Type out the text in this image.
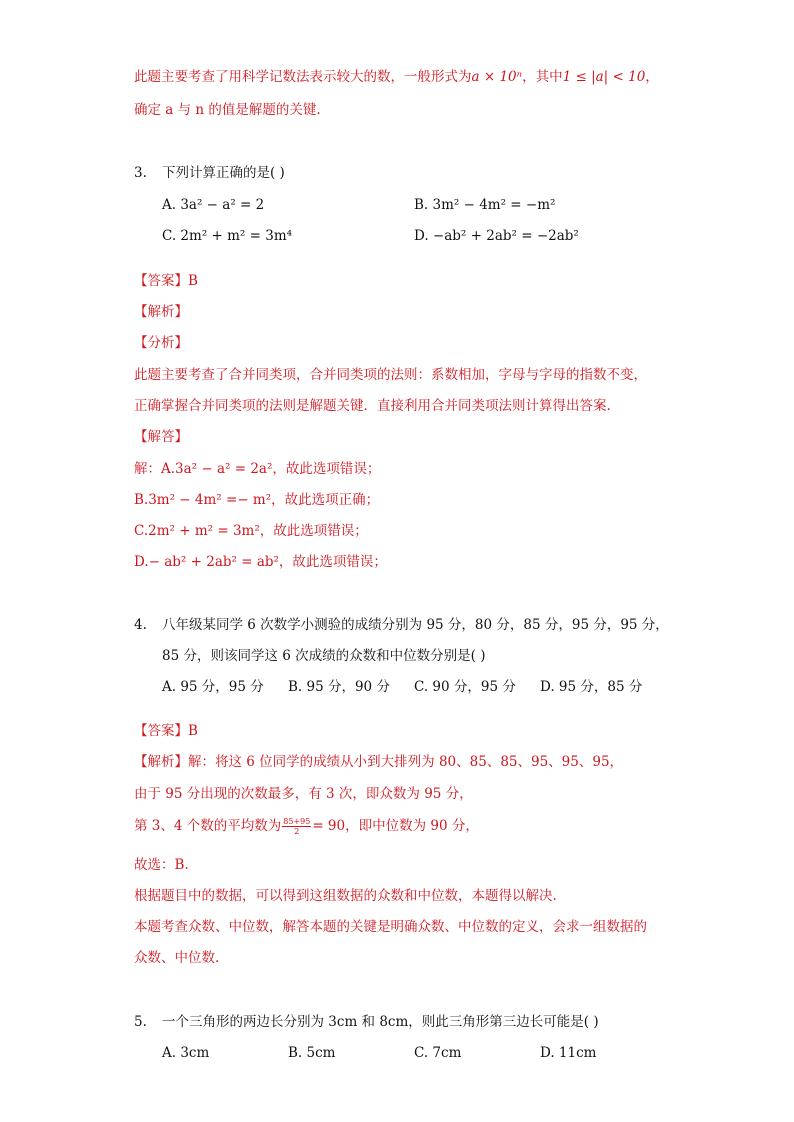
此题主要考查了用科学记数法表示较大的数，一般形式为a × 10ⁿ，其中1 ≤ |a| < 10，
确定 a 与 n 的值是解题的关键.
3. 下列计算正确的是( )
A. 3a² − a² = 2	B. 3m² − 4m² = −m²
C. 2m² + m² = 3m⁴	D. −ab² + 2ab² = −2ab²
【答案】B
【解析】
【分析】
此题主要考查了合并同类项，合并同类项的法则：系数相加，字母与字母的指数不变，
正确掌握合并同类项的法则是解题关键．直接利用合并同类项法则计算得出答案.
【解答】
解：A.3a² − a² = 2a²，故此选项错误；
B.3m² − 4m² =− m²，故此选项正确；
C.2m² + m² = 3m²，故此选项错误；
D.− ab² + 2ab² = ab²，故此选项错误；
4. 八年级某同学 6 次数学小测验的成绩分别为 95 分，80 分，85 分，95 分，95 分，
85 分，则该同学这 6 次成绩的众数和中位数分别是( )
A. 95 分，95 分 B. 95 分，90 分 C. 90 分，95 分 D. 95 分，85 分
【答案】B
【解析】解：将这 6 位同学的成绩从小到大排列为 80、85、85、95、95、95，
由于 95 分出现的次数最多，有 3 次，即众数为 95 分，
第 3、4 个数的平均数为 $\frac{85+95}{2} = 90$，即中位数为 90 分，
故选：B.
根据题目中的数据，可以得到这组数据的众数和中位数，本题得以解决.
本题考查众数、中位数，解答本题的关键是明确众数、中位数的定义，会求一组数据的
众数、中位数.
5. 一个三角形的两边长分别为 3cm 和 8cm，则此三角形第三边长可能是( )
A. 3cm	B. 5cm	C. 7cm	D. 11cm
